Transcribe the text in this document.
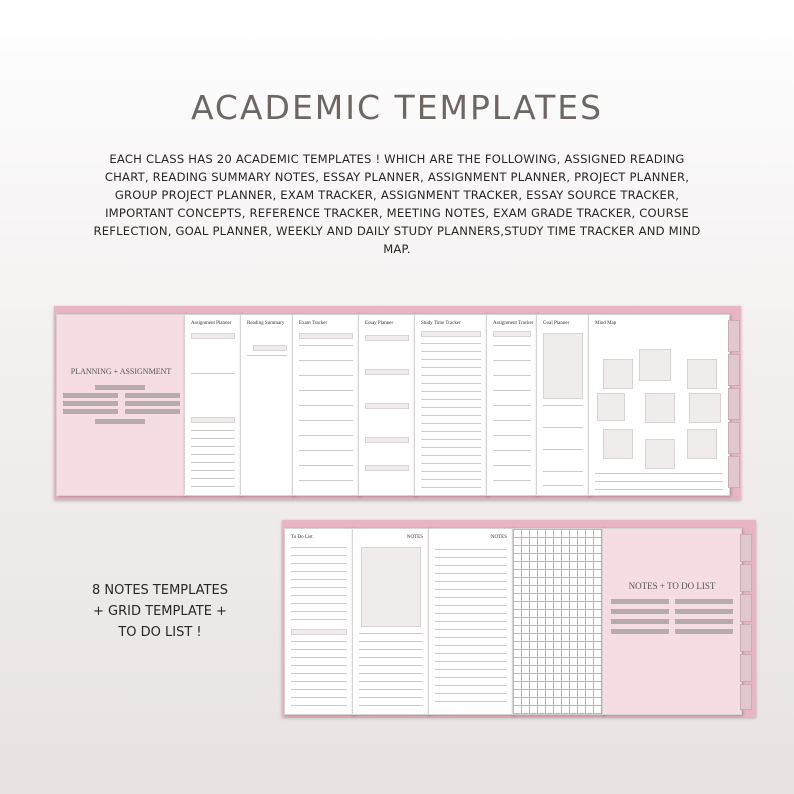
ACADEMIC TEMPLATES
EACH CLASS HAS 20 ACADEMIC TEMPLATES ! WHICH ARE THE FOLLOWING, ASSIGNED READING CHART, READING SUMMARY NOTES, ESSAY PLANNER, ASSIGNMENT PLANNER, PROJECT PLANNER, GROUP PROJECT PLANNER, EXAM TRACKER, ASSIGNMENT TRACKER, ESSAY SOURCE TRACKER, IMPORTANT CONCEPTS, REFERENCE TRACKER, MEETING NOTES, EXAM GRADE TRACKER, COURSE REFLECTION, GOAL PLANNER, WEEKLY AND DAILY STUDY PLANNERS,STUDY TIME TRACKER AND MIND MAP.
8 NOTES TEMPLATES
+ GRID TEMPLATE +
TO DO LIST !
PLANNING + ASSIGNMENT
Assignment Planner	Reading Summary	Exam Tracker	Essay Planner	Study Time Tracker	Assignment Tracker Goal Planner	Mind Map
To Do List	NOTES	NOTES
NOTES + TO DO LIST
